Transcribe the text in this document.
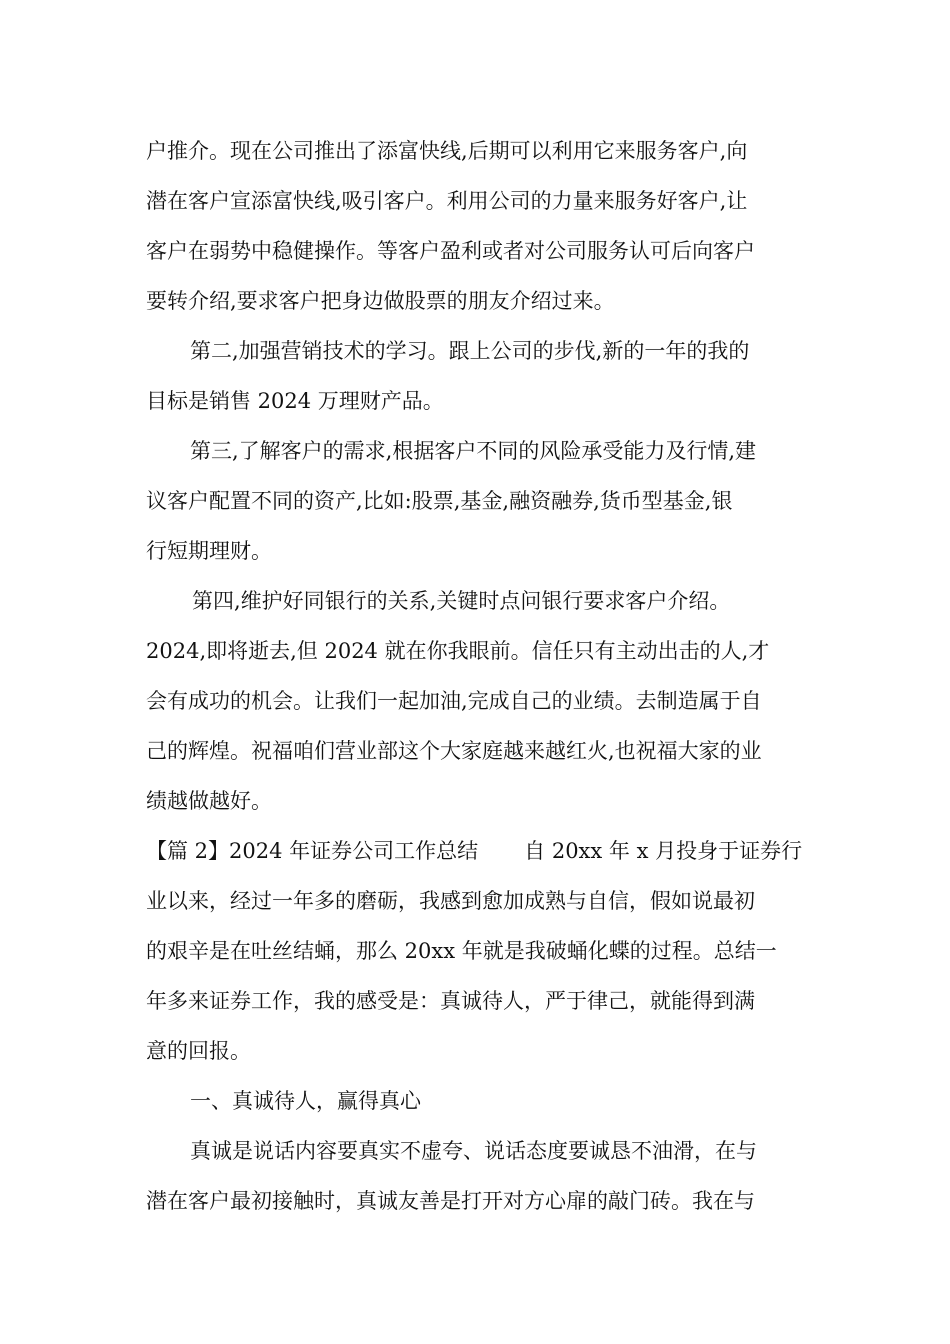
户推介。现在公司推出了添富快线,后期可以利用它来服务客户,向
潜在客户宣添富快线,吸引客户。利用公司的力量来服务好客户,让
客户在弱势中稳健操作。等客户盈利或者对公司服务认可后向客户
要转介绍,要求客户把身边做股票的朋友介绍过来。
第二,加强营销技术的学习。跟上公司的步伐,新的一年的我的
目标是销售 2024 万理财产品。
第三,了解客户的需求,根据客户不同的风险承受能力及行情,建
议客户配置不同的资产,比如:股票,基金,融资融券,货币型基金,银
行短期理财。
第四,维护好同银行的关系,关键时点问银行要求客户介绍。
2024,即将逝去,但 2024 就在你我眼前。信任只有主动出击的人,才
会有成功的机会。让我们一起加油,完成自己的业绩。去制造属于自
己的辉煌。祝福咱们营业部这个大家庭越来越红火,也祝福大家的业
绩越做越好。
【篇 2】2024 年证券公司工作总结 自 20xx 年 x 月投身于证券行
业以来，经过一年多的磨砺，我感到愈加成熟与自信，假如说最初
的艰辛是在吐丝结蛹，那么 20xx 年就是我破蛹化蝶的过程。总结一
年多来证券工作，我的感受是：真诚待人，严于律己，就能得到满
意的回报。
一、真诚待人，赢得真心
真诚是说话内容要真实不虚夸、说话态度要诚恳不油滑，在与
潜在客户最初接触时，真诚友善是打开对方心扉的敲门砖。我在与
